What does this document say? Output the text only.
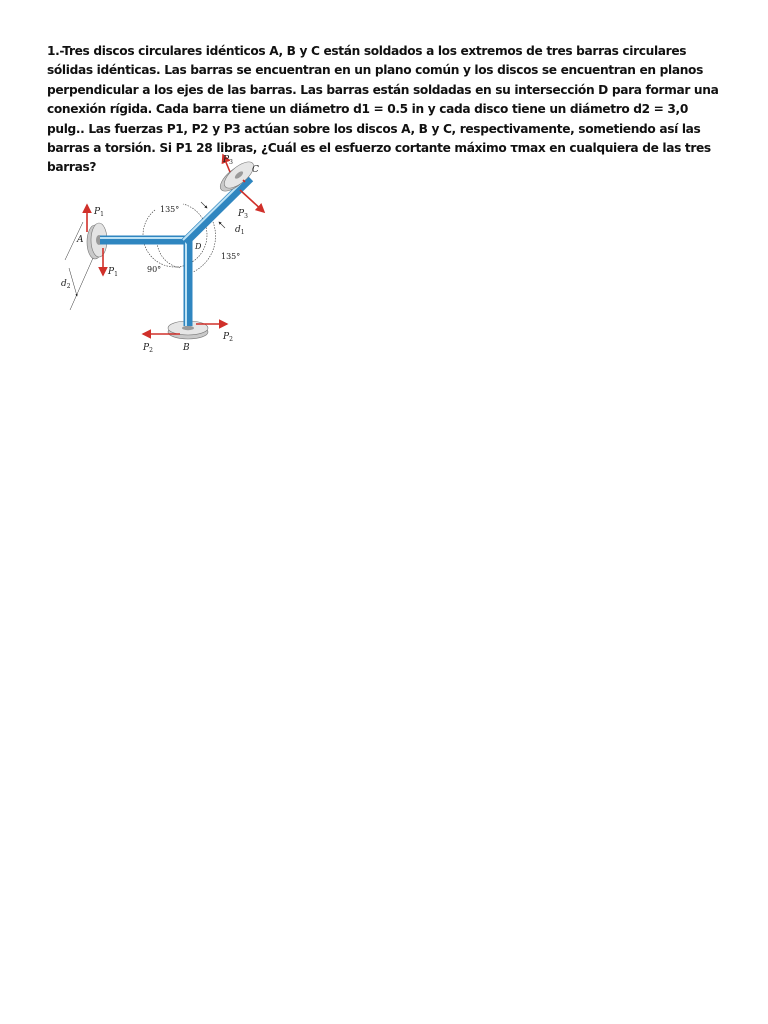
1.-Tres discos circulares idénticos A, B y C están soldados a los extremos de tres barras circulares sólidas idénticas. Las barras se encuentran en un plano común y los discos se encuentran en planos perpendicular a los ejes de las barras. Las barras están soldadas en su intersección D para formar una conexión rígida. Cada barra tiene un diámetro d1 = 0.5 in y cada disco tiene un diámetro d2 = 3,0 pulg.. Las fuerzas P1, P2 y P3 actúan sobre los discos A, B y C, respectivamente, sometiendo así las barras a torsión. Si P1 28 libras, ¿Cuál es el esfuerzo cortante máximo τmax en cualquiera de las tres barras?

$P_1$
A
$P_1$
$d_2$
135°
D
135°
90°
$d_1$
$P_3$
$P_3$
$P_2$
$P_2$	B
C
